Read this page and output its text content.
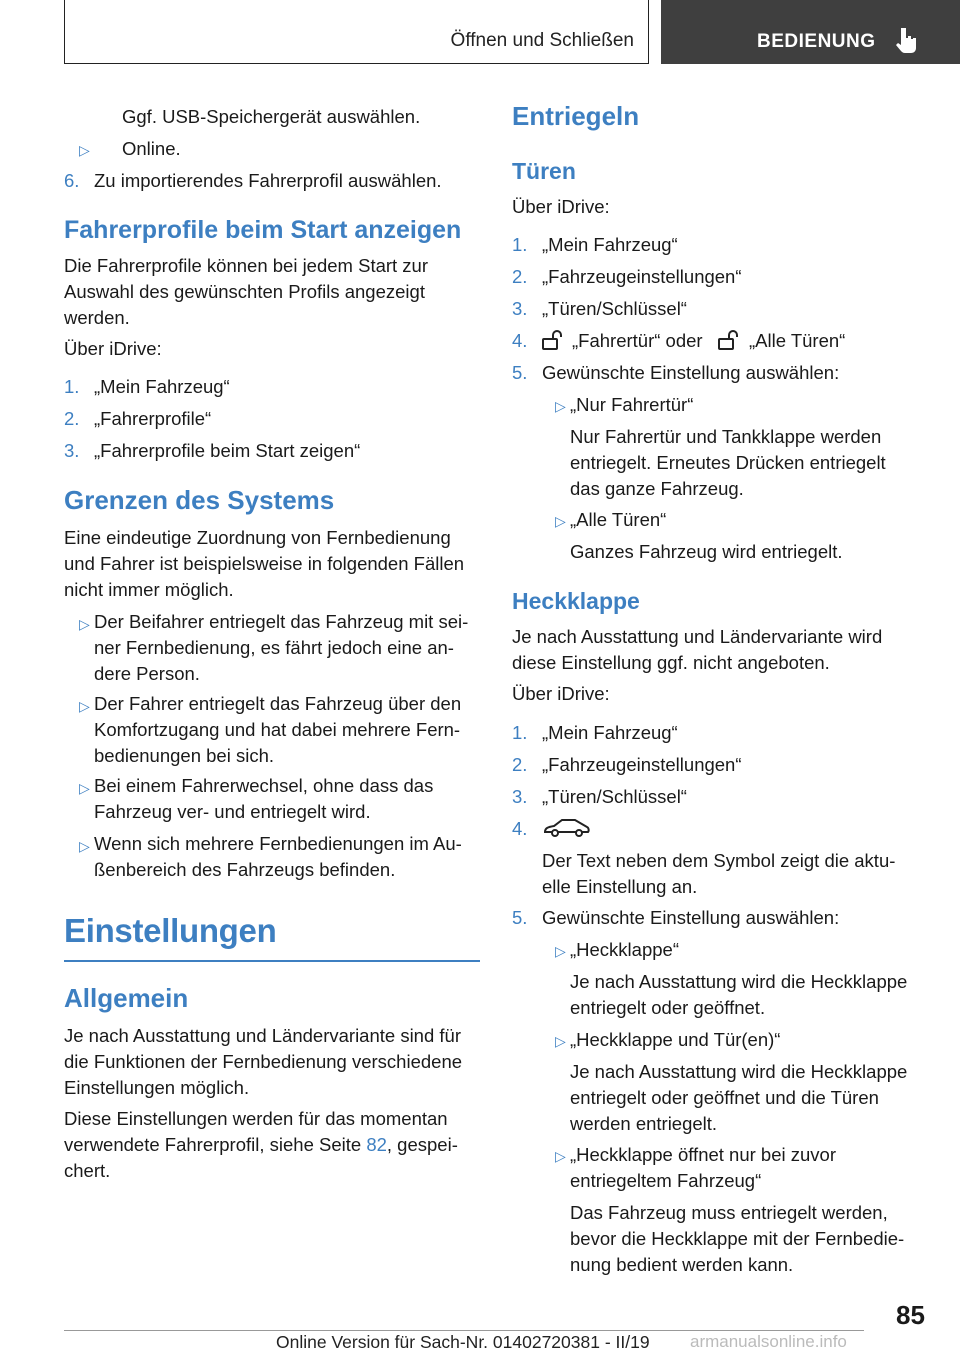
Öffnen und Schließen	BEDIENUNG

Ggf. USB-Speichergerät auswählen.

▷ Online.

6. Zu importierendes Fahrerprofil auswählen.

Fahrerprofile beim Start anzeigen

Die Fahrerprofile können bei jedem Start zur

Auswahl des gewünschten Profils angezeigt

werden.

Über iDrive:

1. „Mein Fahrzeug“

2. „Fahrerprofile“

3. „Fahrerprofile beim Start zeigen“

Grenzen des Systems

Eine eindeutige Zuordnung von Fernbedienung

und Fahrer ist beispielsweise in folgenden Fällen

nicht immer möglich.

▷ Der Beifahrer entriegelt das Fahrzeug mit sei‐

ner Fernbedienung, es fährt jedoch eine an‐

dere Person.

▷ Der Fahrer entriegelt das Fahrzeug über den

Komfortzugang und hat dabei mehrere Fern‐

bedienungen bei sich.

▷ Bei einem Fahrerwechsel, ohne dass das

Fahrzeug ver- und entriegelt wird.

▷ Wenn sich mehrere Fernbedienungen im Au‐

ßenbereich des Fahrzeugs befinden.

Einstellungen

Allgemein

Je nach Ausstattung und Ländervariante sind für

die Funktionen der Fernbedienung verschiedene

Einstellungen möglich.

Diese Einstellungen werden für das momentan

verwendete Fahrerprofil, siehe Seite 82, gespei‐

chert.

Entriegeln

Türen

Über iDrive:

1. „Mein Fahrzeug“

2. „Fahrzeugeinstellungen“

3. „Türen/Schlüssel“

4. „Fahrertür“ oder	„Alle Türen“

5. Gewünschte Einstellung auswählen:

▷ „Nur Fahrertür“

Nur Fahrertür und Tankklappe werden

entriegelt. Erneutes Drücken entriegelt

das ganze Fahrzeug.

▷ „Alle Türen“

Ganzes Fahrzeug wird entriegelt.

Heckklappe

Je nach Ausstattung und Ländervariante wird

diese Einstellung ggf. nicht angeboten.

Über iDrive:

1. „Mein Fahrzeug“

2. „Fahrzeugeinstellungen“

3. „Türen/Schlüssel“

4.

Der Text neben dem Symbol zeigt die aktu‐

elle Einstellung an.

5. Gewünschte Einstellung auswählen:

▷ „Heckklappe“

Je nach Ausstattung wird die Heckklappe

entriegelt oder geöffnet.

▷ „Heckklappe und Tür(en)“

Je nach Ausstattung wird die Heckklappe

entriegelt oder geöffnet und die Türen

werden entriegelt.

▷ „Heckklappe öffnet nur bei zuvor

entriegeltem Fahrzeug“

Das Fahrzeug muss entriegelt werden,

bevor die Heckklappe mit der Fernbedie‐

nung bedient werden kann.

85
Online Version für Sach-Nr. 01402720381 - II/19 armanualsonline.info
